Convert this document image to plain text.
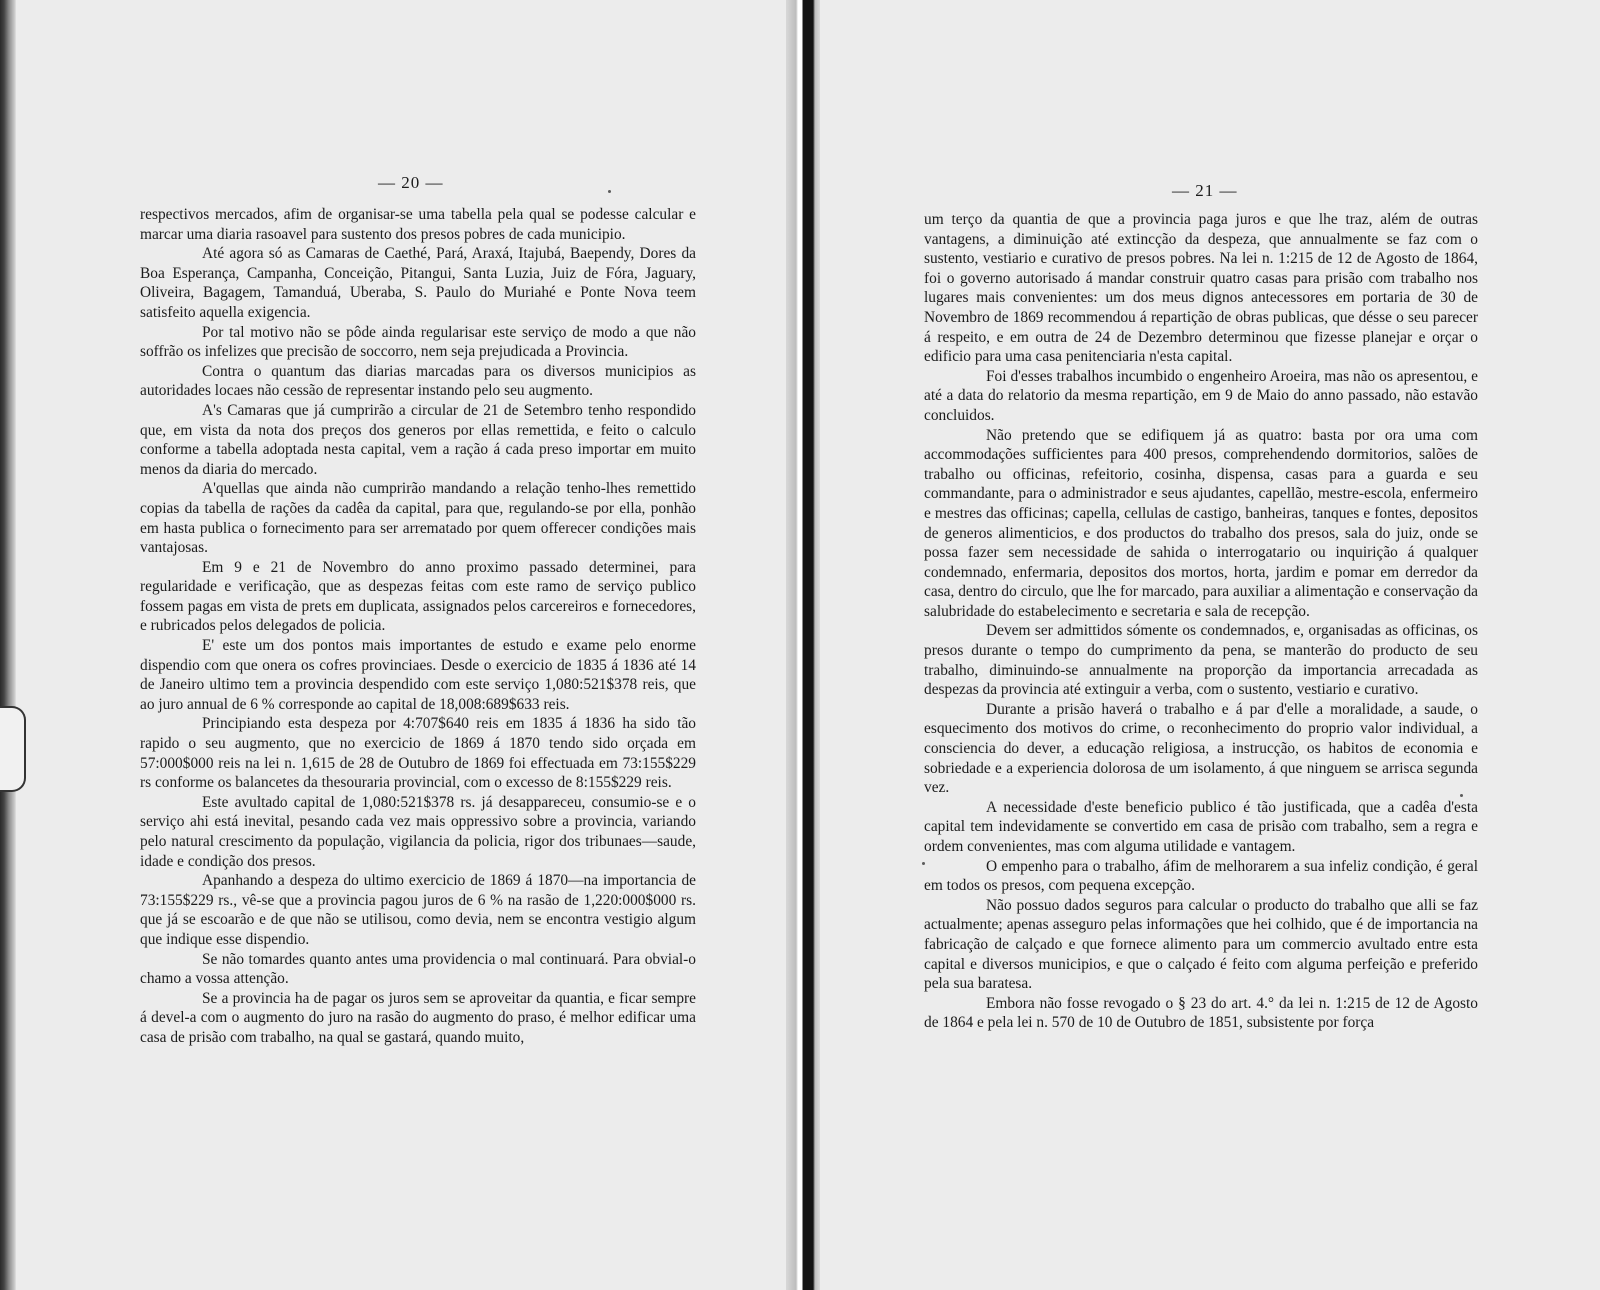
— 20 —

respectivos mercados, afim de organisar-se uma tabella pela qual se podesse calcular e marcar uma diaria rasoavel para sustento dos presos pobres de cada municipio.

Até agora só as Camaras de Caethé, Pará, Araxá, Itajubá, Baependy, Dores da Boa Esperança, Campanha, Conceição, Pitangui, Santa Luzia, Juiz de Fóra, Jaguary, Oliveira, Bagagem, Tamanduá, Uberaba, S. Paulo do Muriahé e Ponte Nova teem satisfeito aquella exigencia.

Por tal motivo não se pôde ainda regularisar este serviço de modo a que não soffrão os infelizes que precisão de soccorro, nem seja prejudicada a Provincia.

Contra o quantum das diarias marcadas para os diversos municipios as autoridades locaes não cessão de representar instando pelo seu augmento.

A's Camaras que já cumprirão a circular de 21 de Setembro tenho respondido que, em vista da nota dos preços dos generos por ellas remettida, e feito o calculo conforme a tabella adoptada nesta capital, vem a ração á cada preso importar em muito menos da diaria do mercado.

A'quellas que ainda não cumprirão mandando a relação tenho-lhes remettido copias da tabella de rações da cadêa da capital, para que, regulando-se por ella, ponhão em hasta publica o fornecimento para ser arrematado por quem offerecer condições mais vantajosas.

Em 9 e 21 de Novembro do anno proximo passado determinei, para regularidade e verificação, que as despezas feitas com este ramo de serviço publico fossem pagas em vista de prets em duplicata, assignados pelos carcereiros e fornecedores, e rubricados pelos delegados de policia.

E' este um dos pontos mais importantes de estudo e exame pelo enorme dispendio com que onera os cofres provinciaes. Desde o exercicio de 1835 á 1836 até 14 de Janeiro ultimo tem a provincia despendido com este serviço 1,080:521$378 reis, que ao juro annual de 6 % corresponde ao capital de 18,008:689$633 reis.

Principiando esta despeza por 4:707$640 reis em 1835 á 1836 ha sido tão rapido o seu augmento, que no exercicio de 1869 á 1870 tendo sido orçada em 57:000$000 reis na lei n. 1,615 de 28 de Outubro de 1869 foi effectuada em 73:155$229 rs conforme os balancetes da thesouraria provincial, com o excesso de 8:155$229 reis.

Este avultado capital de 1,080:521$378 rs. já desappareceu, consumio-se e o serviço ahi está inevital, pesando cada vez mais oppressivo sobre a provincia, variando pelo natural crescimento da população, vigilancia da policia, rigor dos tribunaes—saude, idade e condição dos presos.

Apanhando a despeza do ultimo exercicio de 1869 á 1870—na importancia de 73:155$229 rs., vê-se que a provincia pagou juros de 6 % na rasão de 1,220:000$000 rs. que já se escoarão e de que não se utilisou, como devia, nem se encontra vestigio algum que indique esse dispendio.

Se não tomardes quanto antes uma providencia o mal continuará. Para obvial-o chamo a vossa attenção.

Se a provincia ha de pagar os juros sem se aproveitar da quantia, e ficar sempre á devel-a com o augmento do juro na rasão do augmento do praso, é melhor edificar uma casa de prisão com trabalho, na qual se gastará, quando muito,

— 21 —

um terço da quantia de que a provincia paga juros e que lhe traz, além de outras vantagens, a diminuição até extincção da despeza, que annualmente se faz com o sustento, vestiario e curativo de presos pobres. Na lei n. 1:215 de 12 de Agosto de 1864, foi o governo autorisado á mandar construir quatro casas para prisão com trabalho nos lugares mais convenientes: um dos meus dignos antecessores em portaria de 30 de Novembro de 1869 recommendou á repartição de obras publicas, que désse o seu parecer á respeito, e em outra de 24 de Dezembro determinou que fizesse planejar e orçar o edificio para uma casa penitenciaria n'esta capital.

Foi d'esses trabalhos incumbido o engenheiro Aroeira, mas não os apresentou, e até a data do relatorio da mesma repartição, em 9 de Maio do anno passado, não estavão concluidos.

Não pretendo que se edifiquem já as quatro: basta por ora uma com accommodações sufficientes para 400 presos, comprehendendo dormitorios, salões de trabalho ou officinas, refeitorio, cosinha, dispensa, casas para a guarda e seu commandante, para o administrador e seus ajudantes, capellão, mestre-escola, enfermeiro e mestres das officinas; capella, cellulas de castigo, banheiras, tanques e fontes, depositos de generos alimenticios, e dos productos do trabalho dos presos, sala do juiz, onde se possa fazer sem necessidade de sahida o interrogatario ou inquirição á qualquer condemnado, enfermaria, depositos dos mortos, horta, jardim e pomar em derredor da casa, dentro do circulo, que lhe for marcado, para auxiliar a alimentação e conservação da salubridade do estabelecimento e secretaria e sala de recepção.

Devem ser admittidos sómente os condemnados, e, organisadas as officinas, os presos durante o tempo do cumprimento da pena, se manterão do producto de seu trabalho, diminuindo-se annualmente na proporção da importancia arrecadada as despezas da provincia até extinguir a verba, com o sustento, vestiario e curativo.

Durante a prisão haverá o trabalho e á par d'elle a moralidade, a saude, o esquecimento dos motivos do crime, o reconhecimento do proprio valor individual, a consciencia do dever, a educação religiosa, a instrucção, os habitos de economia e sobriedade e a experiencia dolorosa de um isolamento, á que ninguem se arrisca segunda vez.

A necessidade d'este beneficio publico é tão justificada, que a cadêa d'esta capital tem indevidamente se convertido em casa de prisão com trabalho, sem a regra e ordem convenientes, mas com alguma utilidade e vantagem.

O empenho para o trabalho, áfim de melhorarem a sua infeliz condição, é geral em todos os presos, com pequena excepção.

Não possuo dados seguros para calcular o producto do trabalho que alli se faz actualmente; apenas asseguro pelas informações que hei colhido, que é de importancia na fabricação de calçado e que fornece alimento para um commercio avultado entre esta capital e diversos municipios, e que o calçado é feito com alguma perfeição e preferido pela sua baratesa.

Embora não fosse revogado o § 23 do art. 4.° da lei n. 1:215 de 12 de Agosto de 1864 e pela lei n. 570 de 10 de Outubro de 1851, subsistente por força
